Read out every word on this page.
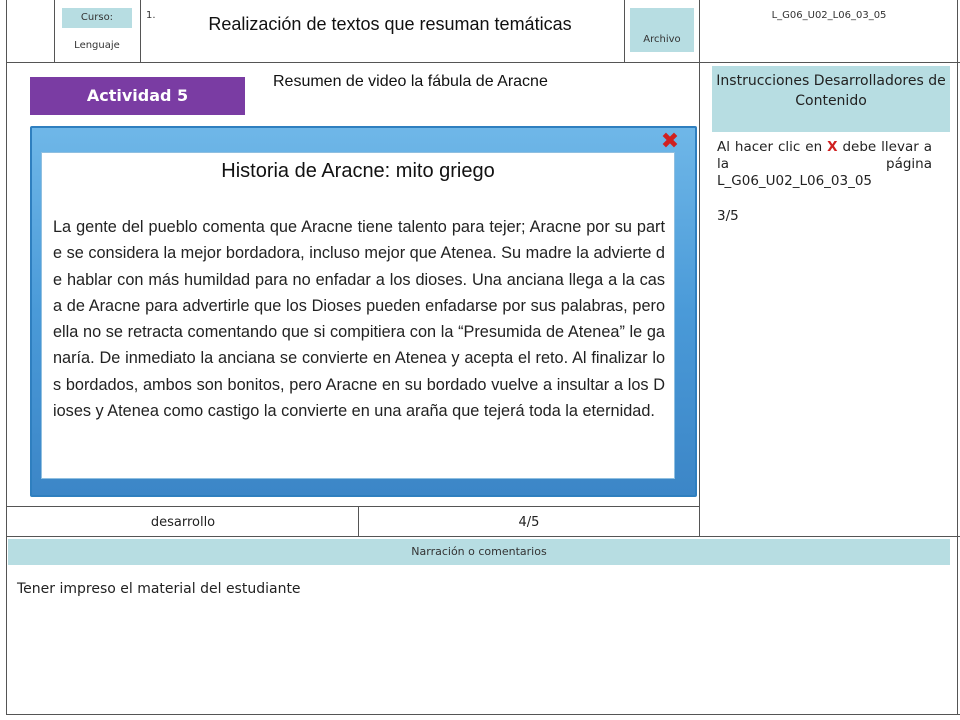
Curso:
Lenguaje
1.	Realización de textos que resuman temáticas
Archivo
L_G06_U02_L06_03_05
Actividad 5
Resumen de video la fábula de Aracne
✖
Historia de Aracne: mito griego
La gente del pueblo comenta que Aracne tiene talento para tejer; Aracne por su parte se considera la mejor bordadora, incluso mejor que Atenea. Su madre la advierte de hablar con más humildad para no enfadar a los dioses. Una anciana llega a la casa de Aracne para advertirle que los Dioses pueden enfadarse por sus palabras, pero ella no se retracta comentando que si compitiera con la “Presumida de Atenea” le ganaría. De inmediato la anciana se convierte en Atenea y acepta el reto. Al finalizar los bordados, ambos son bonitos, pero Aracne en su bordado vuelve a insultar a los Dioses y Atenea como castigo la convierte en una araña que tejerá toda la eternidad.
Instrucciones Desarrolladores de Contenido
Al hacer clic en X debe llevar a la página L_G06_U02_L06_03_05
3/5
desarrollo	4/5
Narración o comentarios
Tener impreso el material del estudiante
